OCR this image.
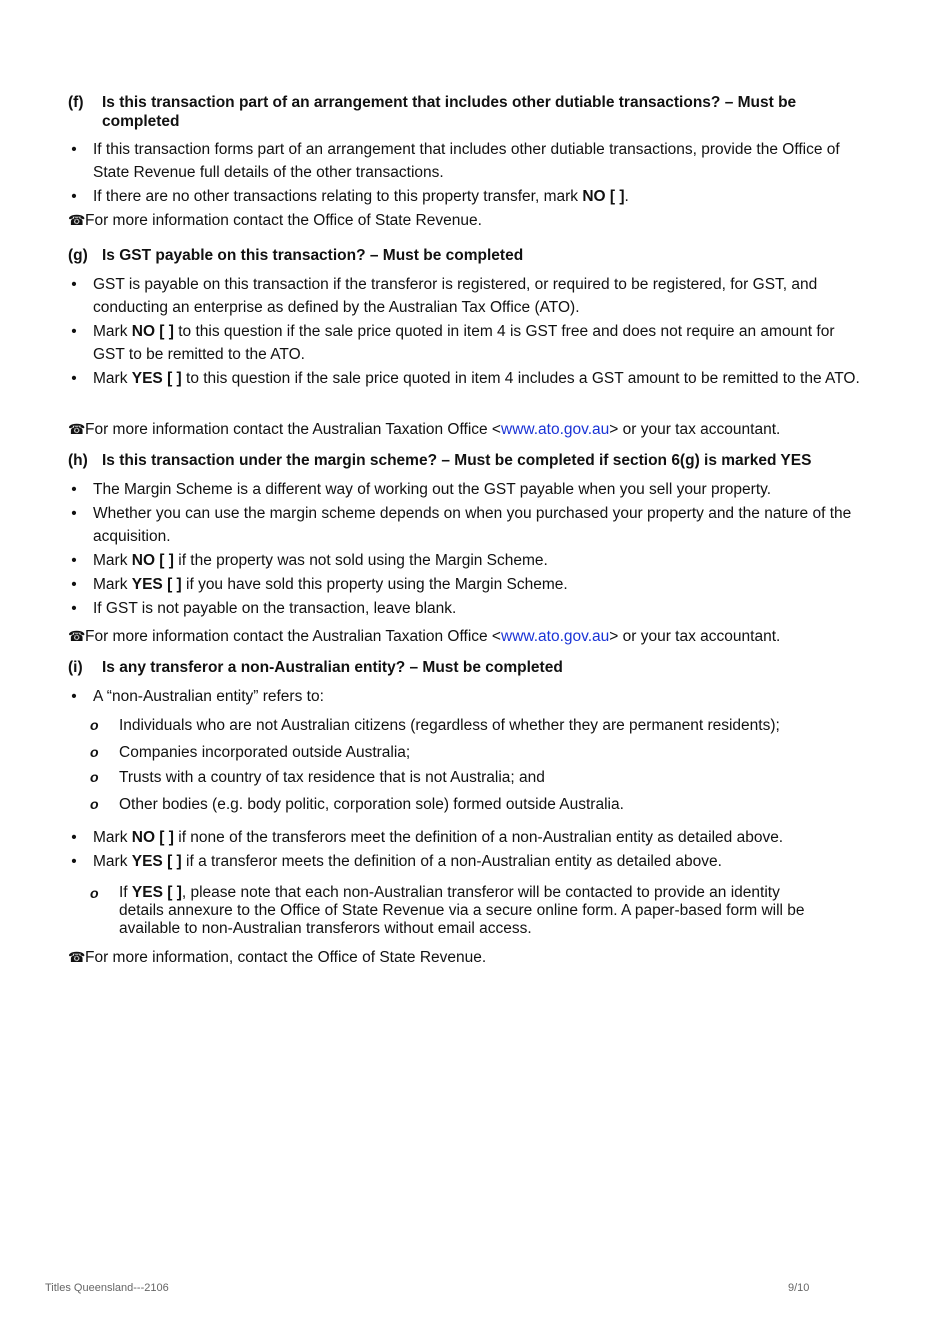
(f) Is this transaction part of an arrangement that includes other dutiable transactions? – Must be completed
• If this transaction forms part of an arrangement that includes other dutiable transactions, provide the Office of State Revenue full details of the other transactions.
• If there are no other transactions relating to this property transfer, mark NO [ ].
☎For more information contact the Office of State Revenue.
(g) Is GST payable on this transaction? – Must be completed
• GST is payable on this transaction if the transferor is registered, or required to be registered, for GST, and conducting an enterprise as defined by the Australian Tax Office (ATO).
• Mark NO [ ] to this question if the sale price quoted in item 4 is GST free and does not require an amount for GST to be remitted to the ATO.
• Mark YES [ ] to this question if the sale price quoted in item 4 includes a GST amount to be remitted to the ATO.
☎For more information contact the Australian Taxation Office <www.ato.gov.au> or your tax accountant.
(h) Is this transaction under the margin scheme? – Must be completed if section 6(g) is marked YES
• The Margin Scheme is a different way of working out the GST payable when you sell your property.
• Whether you can use the margin scheme depends on when you purchased your property and the nature of the acquisition.
• Mark NO [ ] if the property was not sold using the Margin Scheme.
• Mark YES [ ] if you have sold this property using the Margin Scheme.
• If GST is not payable on the transaction, leave blank.
☎For more information contact the Australian Taxation Office <www.ato.gov.au> or your tax accountant.
(i) Is any transferor a non-Australian entity? – Must be completed
• A “non-Australian entity” refers to:
o Individuals who are not Australian citizens (regardless of whether they are permanent residents);
o Companies incorporated outside Australia;
o Trusts with a country of tax residence that is not Australia; and
o Other bodies (e.g. body politic, corporation sole) formed outside Australia.
• Mark NO [ ] if none of the transferors meet the definition of a non-Australian entity as detailed above.
• Mark YES [ ] if a transferor meets the definition of a non-Australian entity as detailed above.
o If YES [ ], please note that each non-Australian transferor will be contacted to provide an identity details annexure to the Office of State Revenue via a secure online form. A paper-based form will be available to non-Australian transferors without email access.
☎For more information, contact the Office of State Revenue.
Titles Queensland---2106	9/10
